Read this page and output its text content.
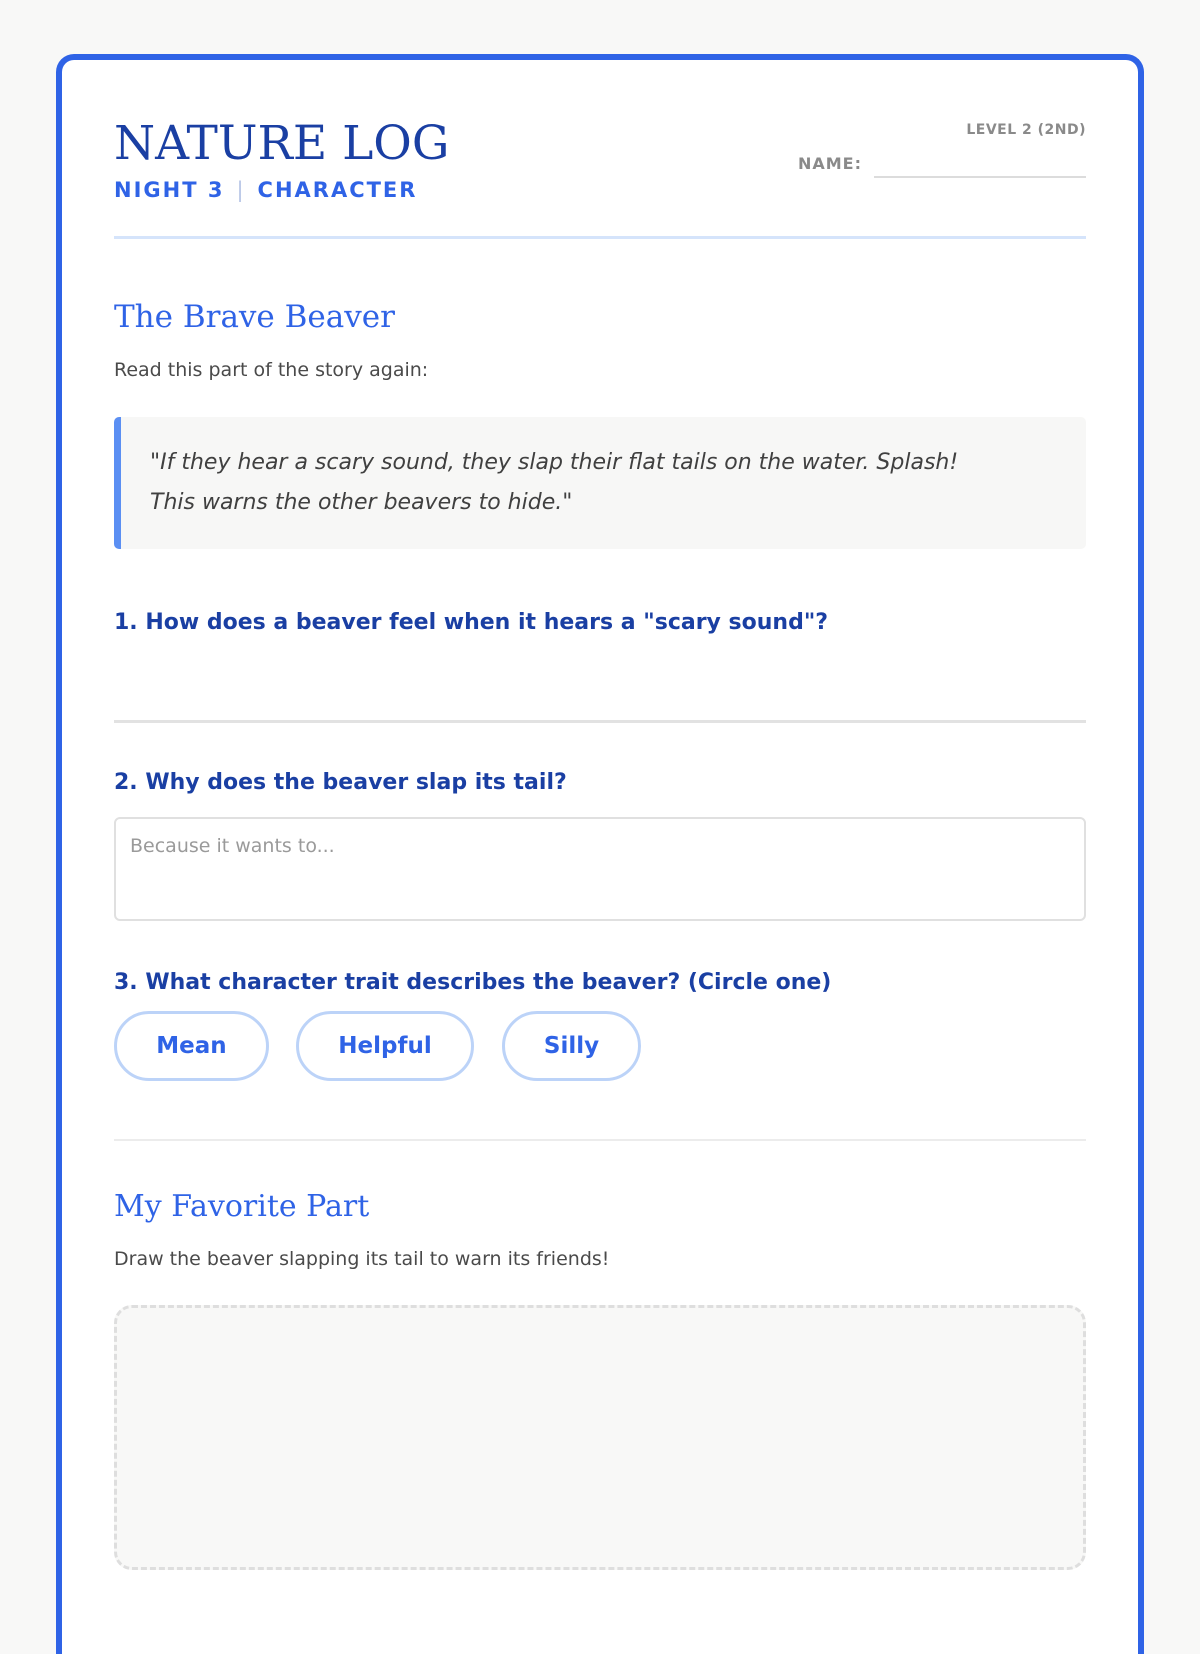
NATURE LOG
NIGHT 3 | CHARACTER
LEVEL 2 (2ND)
NAME:
The Brave Beaver
Read this part of the story again:
"If they hear a scary sound, they slap their flat tails on the water. Splash!
This warns the other beavers to hide."
1. How does a beaver feel when it hears a "scary sound"?
2. Why does the beaver slap its tail?
Because it wants to...
3. What character trait describes the beaver? (Circle one)
Mean	Helpful	Silly
My Favorite Part
Draw the beaver slapping its tail to warn its friends!
